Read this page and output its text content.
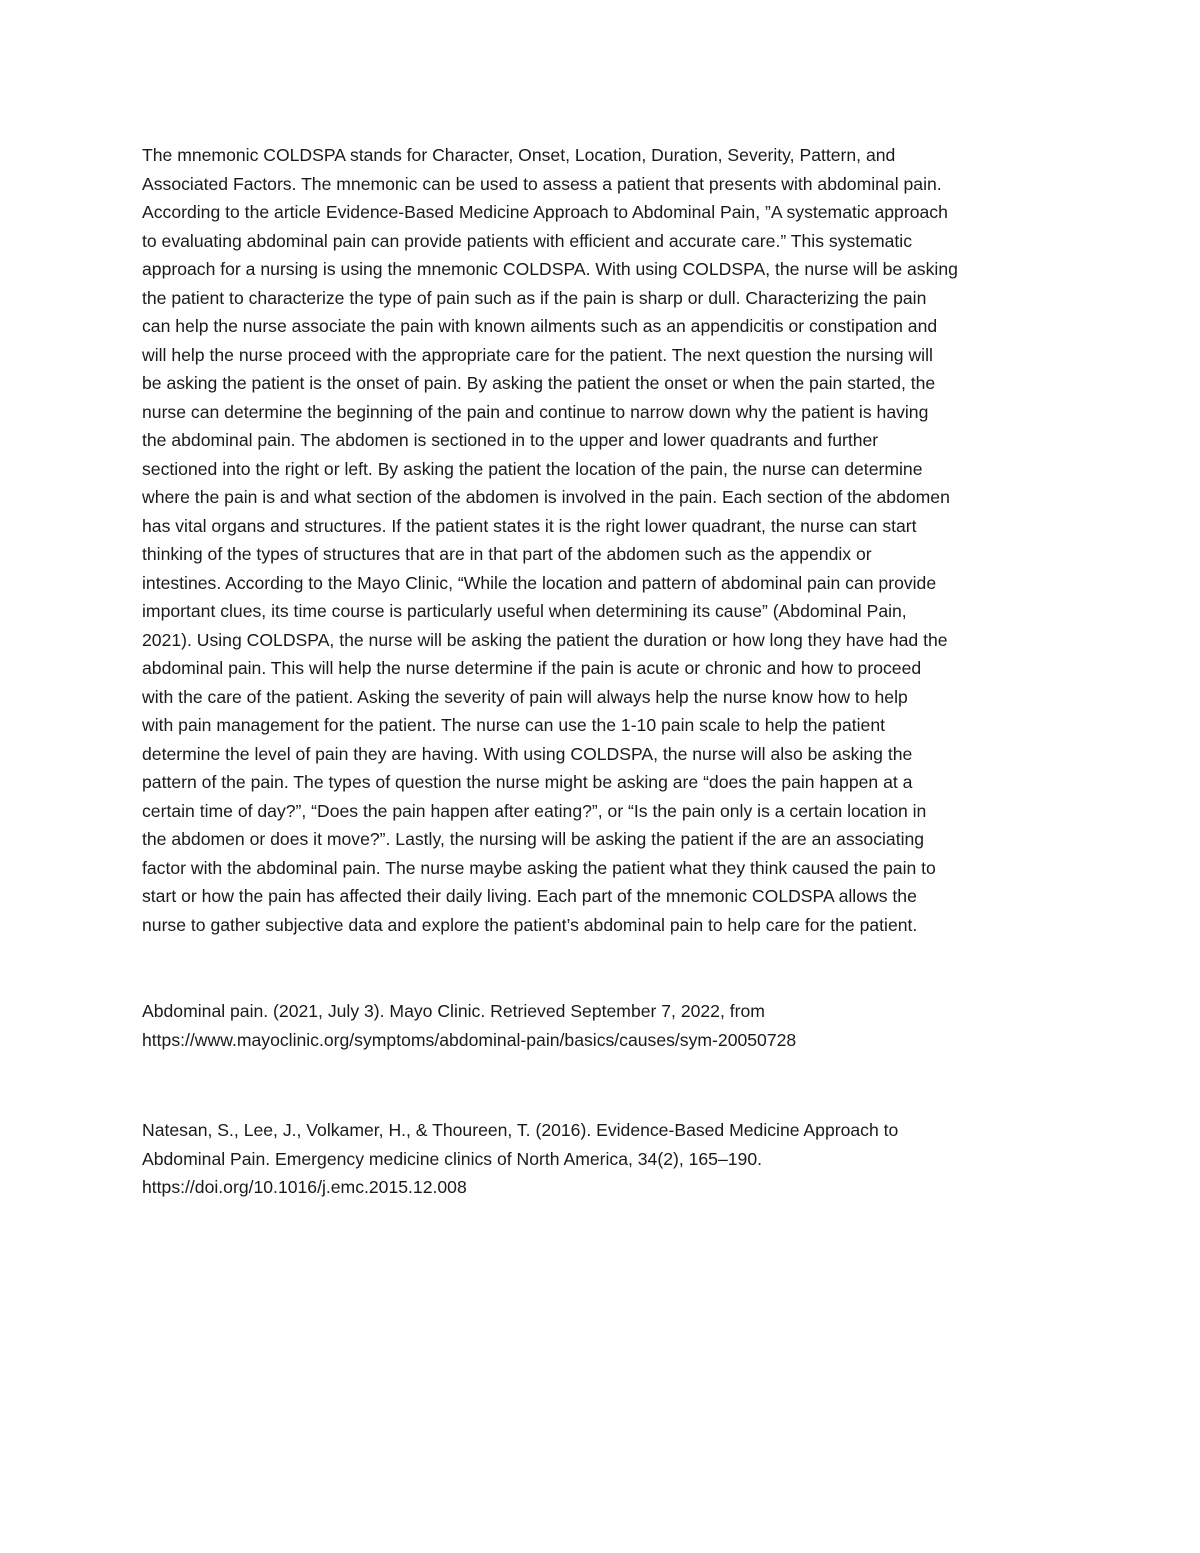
The mnemonic COLDSPA stands for Character, Onset, Location, Duration, Severity, Pattern, and
Associated Factors. The mnemonic can be used to assess a patient that presents with abdominal pain.
According to the article Evidence-Based Medicine Approach to Abdominal Pain, ”A systematic approach
to evaluating abdominal pain can provide patients with efficient and accurate care.” This systematic
approach for a nursing is using the mnemonic COLDSPA. With using COLDSPA, the nurse will be asking
the patient to characterize the type of pain such as if the pain is sharp or dull. Characterizing the pain
can help the nurse associate the pain with known ailments such as an appendicitis or constipation and
will help the nurse proceed with the appropriate care for the patient. The next question the nursing will
be asking the patient is the onset of pain. By asking the patient the onset or when the pain started, the
nurse can determine the beginning of the pain and continue to narrow down why the patient is having
the abdominal pain. The abdomen is sectioned in to the upper and lower quadrants and further
sectioned into the right or left. By asking the patient the location of the pain, the nurse can determine
where the pain is and what section of the abdomen is involved in the pain. Each section of the abdomen
has vital organs and structures. If the patient states it is the right lower quadrant, the nurse can start
thinking of the types of structures that are in that part of the abdomen such as the appendix or
intestines. According to the Mayo Clinic, “While the location and pattern of abdominal pain can provide
important clues, its time course is particularly useful when determining its cause” (Abdominal Pain,
2021). Using COLDSPA, the nurse will be asking the patient the duration or how long they have had the
abdominal pain. This will help the nurse determine if the pain is acute or chronic and how to proceed
with the care of the patient. Asking the severity of pain will always help the nurse know how to help
with pain management for the patient. The nurse can use the 1-10 pain scale to help the patient
determine the level of pain they are having. With using COLDSPA, the nurse will also be asking the
pattern of the pain. The types of question the nurse might be asking are “does the pain happen at a
certain time of day?”, “Does the pain happen after eating?”, or “Is the pain only is a certain location in
the abdomen or does it move?”. Lastly, the nursing will be asking the patient if the are an associating
factor with the abdominal pain. The nurse maybe asking the patient what they think caused the pain to
start or how the pain has affected their daily living. Each part of the mnemonic COLDSPA allows the
nurse to gather subjective data and explore the patient’s abdominal pain to help care for the patient.
Abdominal pain. (2021, July 3). Mayo Clinic. Retrieved September 7, 2022, from
https://www.mayoclinic.org/symptoms/abdominal-pain/basics/causes/sym-20050728
Natesan, S., Lee, J., Volkamer, H., & Thoureen, T. (2016). Evidence-Based Medicine Approach to
Abdominal Pain. Emergency medicine clinics of North America, 34(2), 165–190.
https://doi.org/10.1016/j.emc.2015.12.008
